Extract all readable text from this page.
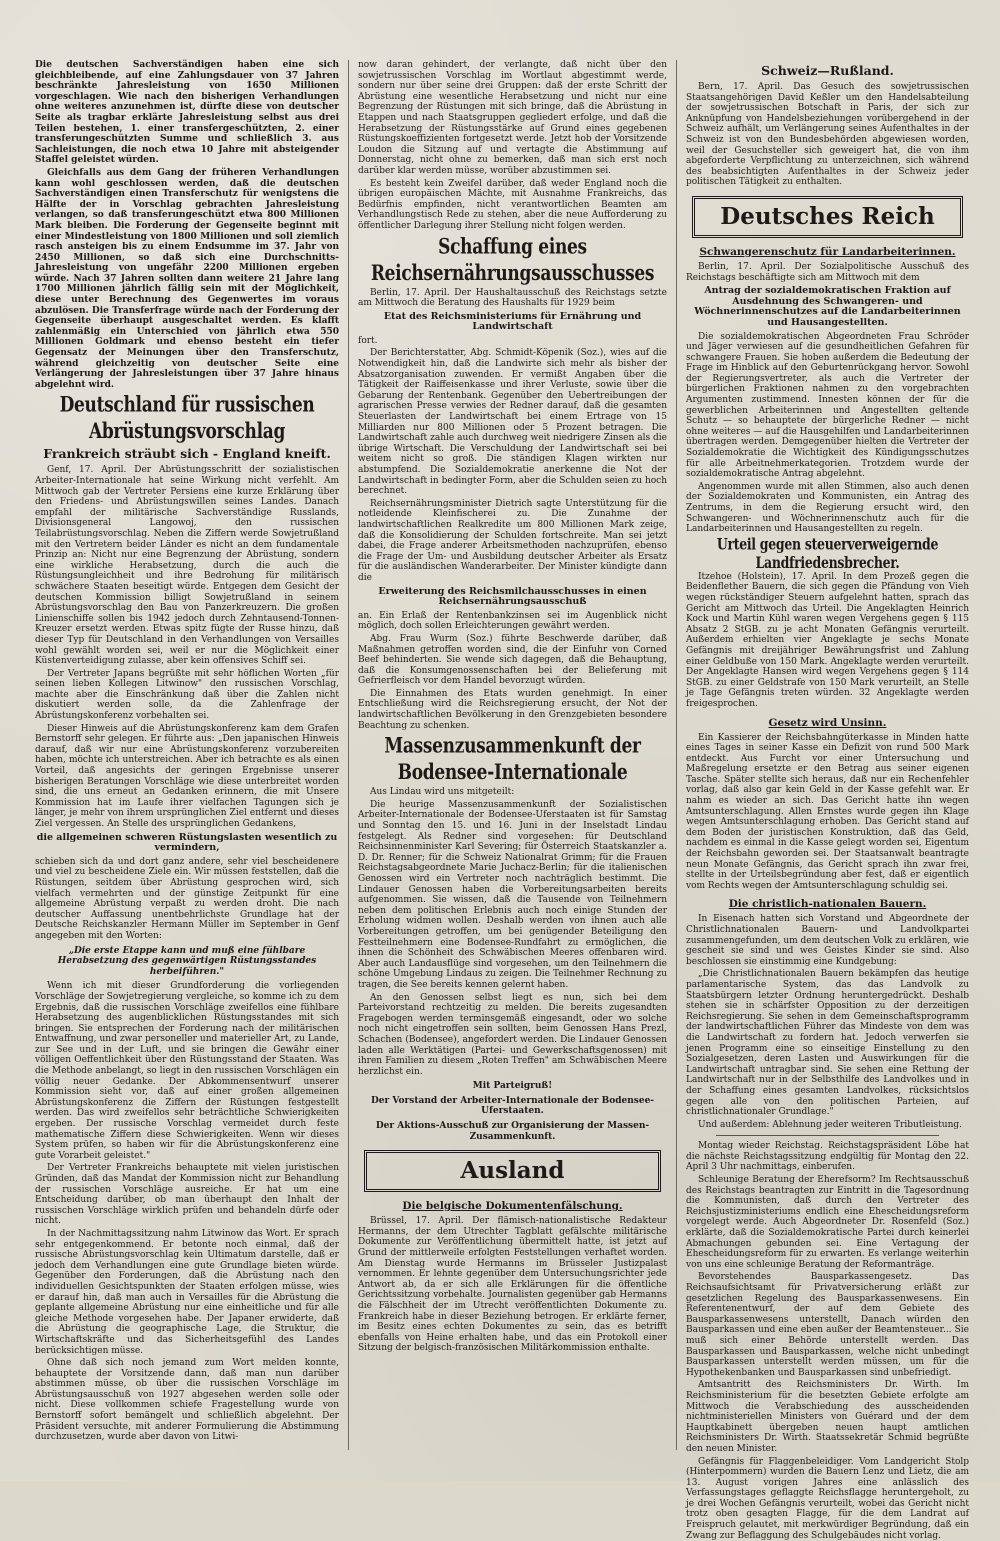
Die deutschen Sachverständigen haben eine sich gleichbleibende, auf eine Zahlungsdauer von 37 Jahren beschränkte Jahresleistung von 1650 Millionen vorgeschlagen. Wie nach den bisherigen Verhandlungen ohne weiteres anzunehmen ist, dürfte diese von deutscher Seite als tragbar erklärte Jahresleistung selbst aus drei Teilen bestehen, 1. einer transfergeschützten, 2. einer transferungeschützten Summe und schließlich 3. aus Sachleistungen, die noch etwa 10 Jahre mit absteigender Staffel geleistet würden.

Gleichfalls aus dem Gang der früheren Verhandlungen kann wohl geschlossen werden, daß die deutschen Sachverständigen einen Transferschutz für wenigstens die Hälfte der in Vorschlag gebrachten Jahresleistung verlangen, so daß transferungeschützt etwa 800 Millionen Mark bleiben. Die Forderung der Gegenseite beginnt mit einer Mindestleistung von 1800 Millionen und soll ziemlich rasch ansteigen bis zu einem Endsumme im 37. Jahr von 2450 Millionen, so daß sich eine Durchschnitts-Jahresleistung von ungefähr 2200 Millionen ergeben würde. Nach 37 Jahren sollten dann weitere 21 Jahre lang 1700 Millionen jährlich fällig sein mit der Möglichkeit, diese unter Berechnung des Gegenwertes im voraus abzulösen. Die Transferfrage würde nach der Forderung der Gegenseite überhaupt ausgeschaltet werden. Es klafft zahlenmäßig ein Unterschied von jährlich etwa 550 Millionen Goldmark und ebenso besteht ein tiefer Gegensatz der Meinungen über den Transferschutz, während gleichzeitig von deutscher Seite eine Verlängerung der Jahresleistungen über 37 Jahre hinaus abgelehnt wird.

Deutschland für russischen Abrüstungsvorschlag
Frankreich sträubt sich - England kneift.

Genf, 17. April. Der Abrüstungsschritt der sozialistischen Arbeiter-Internationale hat seine Wirkung nicht verfehlt. Am Mittwoch gab der Vertreter Persiens eine kurze Erklärung über den Friedens- und Abrüstungswillen seines Landes. Danach empfahl der militärische Sachverständige Russlands, Divisionsgeneral Langowoj, den russischen Teilabrüstungsvorschlag. Neben die Ziffern werde Sowjetrußland mit den Vertretern beider Länder es nicht an dem fundamentale Prinzip an: Nicht nur eine Begrenzung der Abrüstung, sondern eine wirkliche Herabsetzung, durch die auch die Rüstungsungleichheit und ihre Bedrohung für militärisch schwächere Staaten beseitigt würde. Entgegen dem Gesicht der deutschen Kommission billigt Sowjetrußland in seinem Abrüstungsvorschlag den Bau von Panzerkreuzern. Die großen Linienschiffe sollen bis 1942 jedoch durch Zehntausend-Tonnen-Kreuzer ersetzt werden. Etwas spitz fügte der Russe hinzu, daß dieser Typ für Deutschland in den Verhandlungen von Versailles wohl gewählt worden sei, weil er nur die Möglichkeit einer Küstenverteidigung zulasse, aber kein offensives Schiff sei.

Der Vertreter Japans begrüßte mit sehr höflichen Worten „für seinen lieben Kollegen Litwinow" den russischen Vorschlag, machte aber die Einschränkung daß über die Zahlen nicht diskutiert werden solle, da die Zahlenfrage der Abrüstungskonferenz vorbehalten sei.

Dieser Hinweis auf die Abrüstungskonferenz kam dem Grafen Bernstorff sehr gelegen. Er führte aus: „Den japanischen Hinweis darauf, daß wir nur eine Abrüstungskonferenz vorzubereiten haben, möchte ich unterstreichen. Aber ich betrachte es als einen Vorteil, daß angesichts der geringen Ergebnisse unserer bisherigen Beratungen Vorschläge wie diese unterbreitet worden sind, die uns erneut an Gedanken erinnern, die mit Unsere Kommission hat im Laufe ihrer vielfachen Tagungen sich je länger, je mehr von ihrem ursprünglichen Ziel entfernt und dieses Ziel vergessen. An Stelle des ursprünglichen Gedankens,

die allgemeinen schweren Rüstungslasten wesentlich zu vermindern,

schieben sich da und dort ganz andere, sehr viel bescheidenere und viel zu bescheidene Ziele ein. Wir müssen feststellen, daß die Rüstungen, seitdem über Abrüstung gesprochen wird, sich vielfach vermehrten und der günstige Zeitpunkt für eine allgemeine Abrüstung verpaßt zu werden droht. Die nach deutscher Auffassung unentbehrlichste Grundlage hat der Deutsche Reichskanzler Hermann Müller im September in Genf angegeben mit den Worten:

„Die erste Etappe kann und muß eine fühlbare Herabsetzung des gegenwärtigen Rüstungsstandes herbeiführen."

Wenn ich mit dieser Grundforderung die vorliegenden Vorschläge der Sowjetregierung vergleiche, so komme ich zu dem Ergebnis, daß die russischen Vorschläge zweifellos eine fühlbare Herabsetzung des augenblicklichen Rüstungsstandes mit sich bringen. Sie entsprechen der Forderung nach der militärischen Entwaffnung, und zwar personeller und materieller Art, zu Lande, zur See und in der Luft, und sie bringen die Gewähr einer völligen Oeffentlichkeit über den Rüstungsstand der Staaten. Was die Methode anbelangt, so liegt in den russischen Vorschlägen ein völlig neuer Gedanke. Der Abkommensentwurf unserer Kommission sieht vor, daß auf einer großen allgemeinen Abrüstungskonferenz die Ziffern der Rüstungen festgestellt werden. Das wird zweifellos sehr beträchtliche Schwierigkeiten ergeben. Der russische Vorschlag vermeidet durch feste mathematische Ziffern diese Schwierigkeiten. Wenn wir dieses System prüfen, so haben wir für die Abrüstungskonferenz eine gute Vorarbeit geleistet."

Der Vertreter Frankreichs behauptete mit vielen juristischen Gründen, daß das Mandat der Kommission nicht zur Behandlung der russischen Vorschläge ausreiche. Er hat um eine Entscheidung darüber, ob man überhaupt den Inhalt der russischen Vorschläge wirklich prüfen und behandeln dürfe oder nicht.

In der Nachmittagssitzung nahm Litwinow das Wort. Er sprach sehr entgegenkommend. Er betonte noch einmal, daß der russische Abrüstungsvorschlag kein Ultimatum darstelle, daß er jedoch dem Verhandlungen eine gute Grundlage bieten würde. Gegenüber den Forderungen, daß die Abrüstung nach den individuellen Gesichtspunkten der Staaten erfolgen müsse, wies er darauf hin, daß man auch in Versailles für die Abrüstung die geplante allgemeine Abrüstung nur eine einheitliche und für alle gleiche Methode vorgesehen habe. Der Japaner erwiderte, daß die Abrüstung die geographische Lage, die Struktur, die Wirtschaftskräfte und das Sicherheitsgefühl des Landes berücksichtigen müsse.

Ohne daß sich noch jemand zum Wort melden konnte, behauptete der Vorsitzende dann, daß man nun darüber abstimmen müsse, ob über die russischen Vorschläge im Abrüstungsausschuß von 1927 abgesehen werden solle oder nicht. Diese vollkommen schiefe Fragestellung wurde von Bernstorff sofort bemängelt und schließlich abgelehnt. Der Präsident versuchte, mit anderer Formulierung die Abstimmung durchzusetzen, wurde aber davon von Litwi-

now daran gehindert, der verlangte, daß nicht über den sowjetrussischen Vorschlag im Wortlaut abgestimmt werde, sondern nur über seine drei Gruppen: daß der erste Schritt der Abrüstung eine wesentliche Herabsetzung und nicht nur eine Begrenzung der Rüstungen mit sich bringe, daß die Abrüstung in Etappen und nach Staatsgruppen gegliedert erfolge, und daß die Herabsetzung der Rüstungsstärke auf Grund eines gegebenen Rüstungskoeffizienten fortgesetzt werde. Jetzt hob der Vorsitzende Loudon die Sitzung auf und vertagte die Abstimmung auf Donnerstag, nicht ohne zu bemerken, daß man sich erst noch darüber klar werden müsse, worüber abzustimmen sei.

Es besteht kein Zweifel darüber, daß weder England noch die übrigen europäischen Mächte, mit Ausnahme Frankreichs, das Bedürfnis empfinden, nicht verantwortlichen Beamten am Verhandlungstisch Rede zu stehen, aber die neue Aufforderung zu öffentlicher Darlegung ihrer Stellung nicht folgen werden.

Schaffung eines Reichsernährungsausschusses

Berlin, 17. April. Der Haushaltausschuß des Reichstags setzte am Mittwoch die Beratung des Haushalts für 1929 beim

Etat des Reichsministeriums für Ernährung und Landwirtschaft

fort.

Der Berichterstatter, Abg. Schmidt-Köpenik (Soz.), wies auf die Notwendigkeit hin, daß die Landwirte sich mehr als bisher der Absatzorganisation zuwenden. Er vermißt Angaben über die Tätigkeit der Raiffeisenkasse und ihrer Verluste, sowie über die Gebarung der Rentenbank. Gegenüber den Uebertreibungen der agrarischen Presse verwies der Redner darauf, daß die gesamten Steuerlasten der Landwirtschaft bei einem Ertrage von 15 Milliarden nur 800 Millionen oder 5 Prozent betragen. Die Landwirtschaft zahle auch durchweg weit niedrigere Zinsen als die übrige Wirtschaft. Die Verschuldung der Landwirtschaft sei bei weitem nicht so groß. Die ständigen Klagen wirkten nur abstumpfend. Die Sozialdemokratie anerkenne die Not der Landwirtschaft in bedingter Form, aber die Schulden seien zu hoch berechnet.

Reichsernährungsminister Dietrich sagte Unterstützung für die notleidende Kleinfischerei zu. Die Zunahme der landwirtschaftlichen Realkredite um 800 Millionen Mark zeige, daß die Konsolidierung der Schulden fortschreite. Man sei jetzt dabei, die Frage anderer Arbeitsmethoden nachzuprüfen, ebenso die Frage der Um- und Ausbildung deutscher Arbeiter als Ersatz für die ausländischen Wanderarbeiter. Der Minister kündigte dann die

Erweiterung des Reichsmilchausschusses in einen Reichsernährungsausschuß

an. Ein Erlaß der Rentenbankzinsen sei im Augenblick nicht möglich, doch sollen Erleichterungen gewährt werden.

Abg. Frau Wurm (Soz.) führte Beschwerde darüber, daß Maßnahmen getroffen worden sind, die der Einfuhr von Corned Beef behinderten. Sie wende sich dagegen, daß die Behauptung, daß die Konsumgenossenschaften bei der Belieferung mit Gefrierfleisch vor dem Handel bevorzugt würden.

Die Einnahmen des Etats wurden genehmigt. In einer Entschließung wird die Reichsregierung ersucht, der Not der landwirtschaftlichen Bevölkerung in den Grenzgebieten besondere Beachtung zu schenken.

Massenzusammenkunft der Bodensee-Internationale

Aus Lindau wird uns mitgeteilt:

Die heurige Massenzusammenkunft der Sozialistischen Arbeiter-Internationale der Bodensee-Uferstaaten ist für Samstag und Sonntag den 15. und 16. Juni in der Inselstadt Lindau festgelegt. Als Redner sind vorgesehen: für Deutschland Reichsinnenminister Karl Severing; für Österreich Staatskanzler a. D. Dr. Renner; für die Schweiz Nationalrat Grimm; für die Frauen Reichstagsabgeordnete Marie Juchacz-Berlin; für die italienischen Genossen wird ein Vertreter noch nachträglich bestimmt. Die Lindauer Genossen haben die Vorbereitungsarbeiten bereits aufgenommen. Sie wissen, daß die Tausende von Teilnehmern neben dem politischen Erlebnis auch noch einige Stunden der Erholung widmen wollen. Deshalb werden von ihnen auch alle Vorbereitungen getroffen, um bei genügender Beteiligung den Festteilnehmern eine Bodensee-Rundfahrt zu ermöglichen, die ihnen die Schönheit des Schwäbischen Meeres offenbaren wird. Aber auch Landausflüge sind vorgesehen, um den Teilnehmern die schöne Umgebung Lindaus zu zeigen. Die Teilnehmer Rechnung zu tragen, die See bereits kennen gelernt haben.

An den Genossen selbst liegt es nun, sich bei dem Parteivorstand rechtzeitig zu melden. Die bereits zugesandten Fragebogen werden terminsgemäß eingesandt, oder wo solche noch nicht eingetroffen sein sollten, beim Genossen Hans Prezl, Schachen (Bodensee), angefordert werden. Die Lindauer Genossen laden alle Werktätigen (Partei- und Gewerkschaftsgenossen) mit ihren Familien zu diesem „Roten Treffen" am Schwäbischen Meere herzlichst ein.

Mit Parteigruß!
Der Vorstand der Arbeiter-Internationale der Bodensee-Uferstaaten.
Der Aktions-Ausschuß zur Organisierung der Massen-Zusammenkunft.
Ausland
Die belgische Dokumentenfälschung.

Brüssel, 17. April. Der flämisch-nationalistische Redakteur Hermanns, der dem Utrechter Tagblatt gefälschte militärische Dokumente zur Veröffentlichung übermittelt hatte, ist jetzt auf Grund der mittlerweile erfolgten Feststellungen verhaftet worden. Am Dienstag wurde Hermanns im Brüsseler Justizpalast vernommen. Er lehnte gegenüber dem Untersuchungsrichter jede Antwort ab, da er sich alle Erklärungen für die öffentliche Gerichtssitzung vorbehalte. Journalisten gegenüber gab Hermanns die Fälschheit der im Utrecht veröffentlichten Dokumente zu. Frankreich habe in dieser Beziehung betrogen. Er erklärte ferner, im Besitz eines echten Dokumentes zu sein, das es betrifft ebenfalls von Heine erhalten habe, und das ein Protokoll einer Sitzung der belgisch-französischen Militärkommission enthalte.

Schweiz—Rußland.

Bern, 17. April. Das Gesuch des sowjetrussischen Staatsangehörigen David Keßler um den Handelsabteilung der sowjetrussischen Botschaft in Paris, der sich zur Anknüpfung von Handelsbeziehungen vorübergehend in der Schweiz aufhält, um Verlängerung seines Aufenthaltes in der Schweiz ist von den Bundesbehörden abgewiesen worden, weil der Gesuchsteller sich geweigert hat, die von ihm abgeforderte Verpflichtung zu unterzeichnen, sich während des beabsichtigten Aufenthaltes in der Schweiz jeder politischen Tätigkeit zu enthalten.

Deutsches Reich
Schwangerenschutz für Landarbeiterinnen.

Berlin, 17. April. Der Sozialpolitische Ausschuß des Reichstags beschäftigte sich am Mittwoch mit dem

Antrag der sozialdemokratischen Fraktion auf Ausdehnung des Schwangeren- und Wöchnerinnenschutzes auf die Landarbeiterinnen und Hausangestellten.

Die sozialdemokratischen Abgeordneten Frau Schröder und Jäger verwiesen auf die gesundheitlichen Gefahren für schwangere Frauen. Sie hoben außerdem die Bedeutung der Frage im Hinblick auf den Geburtenrückgang hervor. Sowohl der Regierungsvertreter, als auch die Vertreter der bürgerlichen Fraktionen nahmen zu den vorgebrachten Argumenten zustimmend. Innesten können der für die gewerblichen Arbeiterinnen und Angestellten geltende Schutz — so behauptete der bürgerliche Redner — nicht ohne weiteres — auf die Hausgehilfen und Landarbeiterinnen übertragen werden. Demgegenüber hielten die Vertreter der Sozialdemokratie die Wichtigkeit des Kündigungsschutzes für alle Arbeitnehmerkategorien. Trotzdem wurde der sozialdemokratische Antrag abgelehnt.

Angenommen wurde mit allen Stimmen, also auch denen der Sozialdemokraten und Kommunisten, ein Antrag des Zentrums, in dem die Regierung ersucht wird, den Schwangeren- und Wöchnerinnenschutz auch für die Landarbeiterinnen und Hausangestellten zu regeln.

Urteil gegen steuerverweigernde Landfriedensbrecher.

Itzehoe (Holstein), 17. April. In dem Prozeß gegen die Beidenflether Bauern, die sich gegen die Pfändung von Vieh wegen rückständiger Steuern aufgelehnt hatten, sprach das Gericht am Mittwoch das Urteil. Die Angeklagten Heinrich Kock und Martin Kühl waren wegen Vergehens gegen § 115 Absatz 2 StGB. zu je acht Monaten Gefängnis verurteilt. Außerdem erhielten vier Angeklagte je sechs Monate Gefängnis mit dreijähriger Bewährungsfrist und Zahlung einer Geldbuße von 150 Mark. Angeklagte werden verurteilt. Der Angeklagte Hansen wird wegen Vergehens gegen § 114 StGB. zu einer Geldstrafe von 150 Mark verurteilt, an Stelle je Tage Gefängnis treten würden. 32 Angeklagte werden freigesprochen.

Gesetz wird Unsinn.

Ein Kassierer der Reichsbahngüterkasse in Minden hatte eines Tages in seiner Kasse ein Defizit von rund 500 Mark entdeckt. Aus Furcht vor einer Untersuchung und Maßregelung ersetzte er den Betrag aus seiner eigenen Tasche. Später stellte sich heraus, daß nur ein Rechenfehler vorlag, daß also gar kein Geld in der Kasse gefehlt war. Er nahm es wieder an sich. Das Gericht hatte ihn wegen Amtsunterschlagung. Allen Ernstes wurde gegen ihn Klage wegen Amtsunterschlagung erhoben. Das Gericht stand auf dem Boden der juristischen Konstruktion, daß das Geld, nachdem es einmal in die Kasse gelegt worden sei, Eigentum der Reichsbahn geworden sei. Der Staatsanwalt beantragte neun Monate Gefängnis, das Gericht sprach ihn zwar frei, stellte in der Urteilsbegründung aber fest, daß er eigentlich vom Rechts wegen der Amtsunterschlagung schuldig sei.

Die christlich-nationalen Bauern.

In Eisenach hatten sich Vorstand und Abgeordnete der Christlichnationalen Bauern- und Landvolkpartei zusammengefunden, um dem deutschen Volk zu erklären, wie gescheit sie sind und wes Geistes Kinder sie sind. Also beschlossen sie einstimmig eine Kundgebung:

„Die Christlichnationalen Bauern bekämpfen das heutige parlamentarische System, das das Landvolk zu Staatsbürgern letzter Ordnung heruntergedrückt. Deshalb stehen sie in schärfster Opposition zu der derzeitigen Reichsregierung. Sie sehen in dem Gemeinschaftsprogramm der landwirtschaftlichen Führer das Mindeste von dem was die Landwirtschaft zu fordern hat. Jedoch verwerfen sie jenen Programm eine so einseitige Einstellung zu den Sozialgesetzen, deren Lasten und Auswirkungen für die Landwirtschaft untragbar sind. Sie sehen eine Rettung der Landwirtschaft nur in der Selbsthilfe des Landvolkes und in der Schaffung eines gesamten Landvolkes, rücksichtslos gegen alle von den politischen Parteien, auf christlichnationaler Grundlage."

Und außerdem: Ablehnung jeder weiteren Tributleistung.

Montag wieder Reichstag. Reichstagspräsident Löbe hat die nächste Reichstagssitzung endgültig für Montag den 22. April 3 Uhr nachmittags, einberufen.

Schleunige Beratung der Eherefsorm? Im Rechtsausschuß des Reichstags beantragten zur Eintritt in die Tagesordnung die Kommunisten, daß durch den Vertreter des Reichsjustizministeriums endlich eine Ehescheidungsreform vorgelegt werde. Auch Abgeordneter Dr. Rosenfeld (Soz.) erklärte, daß die Sozialdemokratische Partei durch keinerlei Abmachungen gebunden sei. Eine Vertagung der Ehescheidungsreform für zu erwarten. Es verlange weiterhin von uns eine schleunige Beratung der Reformanträge.

Bevorstehendes Bausparkassengesetz. Das Reichsaufsichtsamt für Privatversicherung erläßt zur gesetzlichen Regelung des Bausparkassenwesens. Ein Referentenentwurf, der auf dem Gebiete des Bausparkassenwesens unterstellt, Danach würden den Bausparkassen und eine eben außer der Beamtensteuer... Sie muß sich einer Behörde unterstellt werden. Das Bausparkassen und Bausparkassen, welche nicht unbedingt Bausparkassen unterstellt werden müssen, um für die Hypothekenbanken und Bausparkassen sind unbefriedigt.

Amtsantritt des Reichsministers Dr. Wirth. Im Reichsministerium für die besetzten Gebiete erfolgte am Mittwoch die Verabschiedung des ausscheidenden nichtministeriellen Ministers von Guérard und der dem Hauptkabinett übergeben neuen haupt amtlichen Reichsministers Dr. Wirth. Staatssekretär Schmid begrüßte den neuen Minister.

Gefängnis für Flaggenbeleidiger. Vom Landgericht Stolp (Hinterpommern) wurden die Bauern Lenz und Lietz, die am 13. August vorigen Jahres eine anlässlich des Verfassungstages geflaggte Reichsflagge heruntergeholt, zu je drei Wochen Gefängnis verurteilt, wobei das Gericht nicht trotz oben gesagten Flagge, für die dem Landrat auf Freispruch gelautet, mit merkwürdiger Begründung, daß ein Zwang zur Beflaggung des Schulgebäudes nicht vorlag.
